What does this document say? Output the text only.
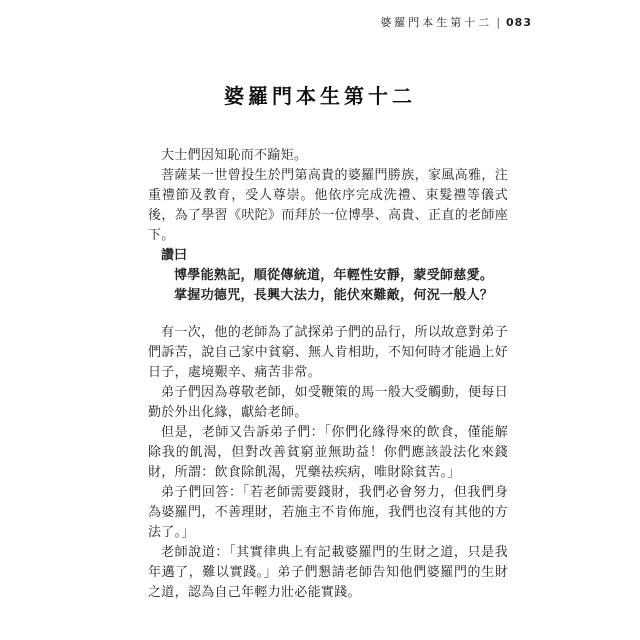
婆羅門本生第十二 | 083
婆羅門本生第十二

大士們因知恥而不踰矩。

菩薩某一世曾投生於門第高貴的婆羅門勝族，家風高雅，注重禮節及教育，受人尊崇。他依序完成洗禮、束髮禮等儀式後，為了學習《吠陀》而拜於一位博學、高貴、正直的老師座下。

讚曰

博學能熟記，順從傳統道，年輕性安靜，蒙受師慈愛。

掌握功德咒，長興大法力，能伏來難敵，何況一般人？

有一次，他的老師為了試探弟子們的品行，所以故意對弟子們訴苦，說自己家中貧窮、無人肯相助，不知何時才能過上好日子，處境艱辛、痛苦非常。

弟子們因為尊敬老師，如受鞭策的馬一般大受觸動，便每日勤於外出化緣，獻給老師。

但是，老師又告訴弟子們：「你們化緣得來的飲食，僅能解除我的飢渴，但對改善貧窮並無助益！你們應該設法化來錢財，所謂：飲食除飢渴，咒藥祛疾病，唯財除貧苦。」

弟子們回答：「若老師需要錢財，我們必會努力，但我們身為婆羅門，不善理財，若施主不肯佈施，我們也沒有其他的方法了。」

老師說道：「其實律典上有記載婆羅門的生財之道，只是我年邁了，難以實踐。」弟子們懇請老師告知他們婆羅門的生財之道，認為自己年輕力壯必能實踐。
